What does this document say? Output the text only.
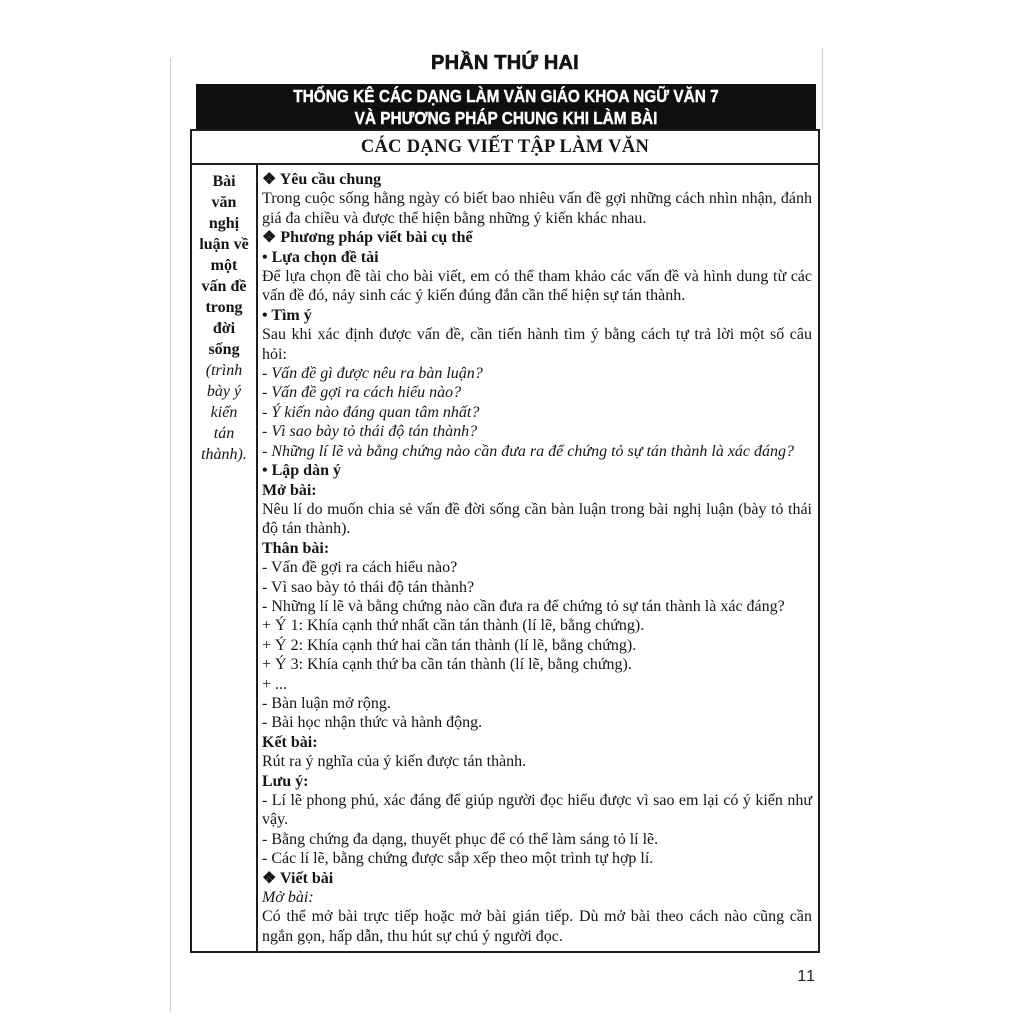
PHẦN THỨ HAI
THỐNG KÊ CÁC DẠNG LÀM VĂN GIÁO KHOA NGỮ VĂN 7
VÀ PHƯƠNG PHÁP CHUNG KHI LÀM BÀI
CÁC DẠNG VIẾT TẬP LÀM VĂN
Bài văn nghị luận về một vấn đề trong đời sống
(trình bày ý kiến tán thành).

❖ Yêu cầu chung

Trong cuộc sống hằng ngày có biết bao nhiêu vấn đề gợi những cách nhìn nhận, đánh giá đa chiều và được thể hiện bằng những ý kiến khác nhau.

❖ Phương pháp viết bài cụ thể

• Lựa chọn đề tài

Để lựa chọn đề tài cho bài viết, em có thể tham khảo các vấn đề và hình dung từ các vấn đề đó, nảy sinh các ý kiến đúng đắn cần thể hiện sự tán thành.

• Tìm ý

Sau khi xác định được vấn đề, cần tiến hành tìm ý bằng cách tự trả lời một số câu hỏi:

- Vấn đề gì được nêu ra bàn luận?

- Vấn đề gợi ra cách hiểu nào?

- Ý kiến nào đáng quan tâm nhất?

- Vì sao bày tỏ thái độ tán thành?

- Những lí lẽ và bằng chứng nào cần đưa ra để chứng tỏ sự tán thành là xác đáng?

• Lập dàn ý

Mở bài:

Nêu lí do muốn chia sẻ vấn đề đời sống cần bàn luận trong bài nghị luận (bày tỏ thái độ tán thành).

Thân bài:

- Vấn đề gợi ra cách hiểu nào?

- Vì sao bày tỏ thái độ tán thành?

- Những lí lẽ và bằng chứng nào cần đưa ra để chứng tỏ sự tán thành là xác đáng?

+ Ý 1: Khía cạnh thứ nhất cần tán thành (lí lẽ, bằng chứng).

+ Ý 2: Khía cạnh thứ hai cần tán thành (lí lẽ, bằng chứng).

+ Ý 3: Khía cạnh thứ ba cần tán thành (lí lẽ, bằng chứng).

+ ...

- Bàn luận mở rộng.

- Bài học nhận thức và hành động.

Kết bài:

Rút ra ý nghĩa của ý kiến được tán thành.

Lưu ý:

- Lí lẽ phong phú, xác đáng để giúp người đọc hiểu được vì sao em lại có ý kiến như vậy.

- Bằng chứng đa dạng, thuyết phục để có thể làm sáng tỏ lí lẽ.

- Các lí lẽ, bằng chứng được sắp xếp theo một trình tự hợp lí.

❖ Viết bài

Mở bài:

Có thể mở bài trực tiếp hoặc mở bài gián tiếp. Dù mở bài theo cách nào cũng cần ngắn gọn, hấp dẫn, thu hút sự chú ý người đọc.

11
